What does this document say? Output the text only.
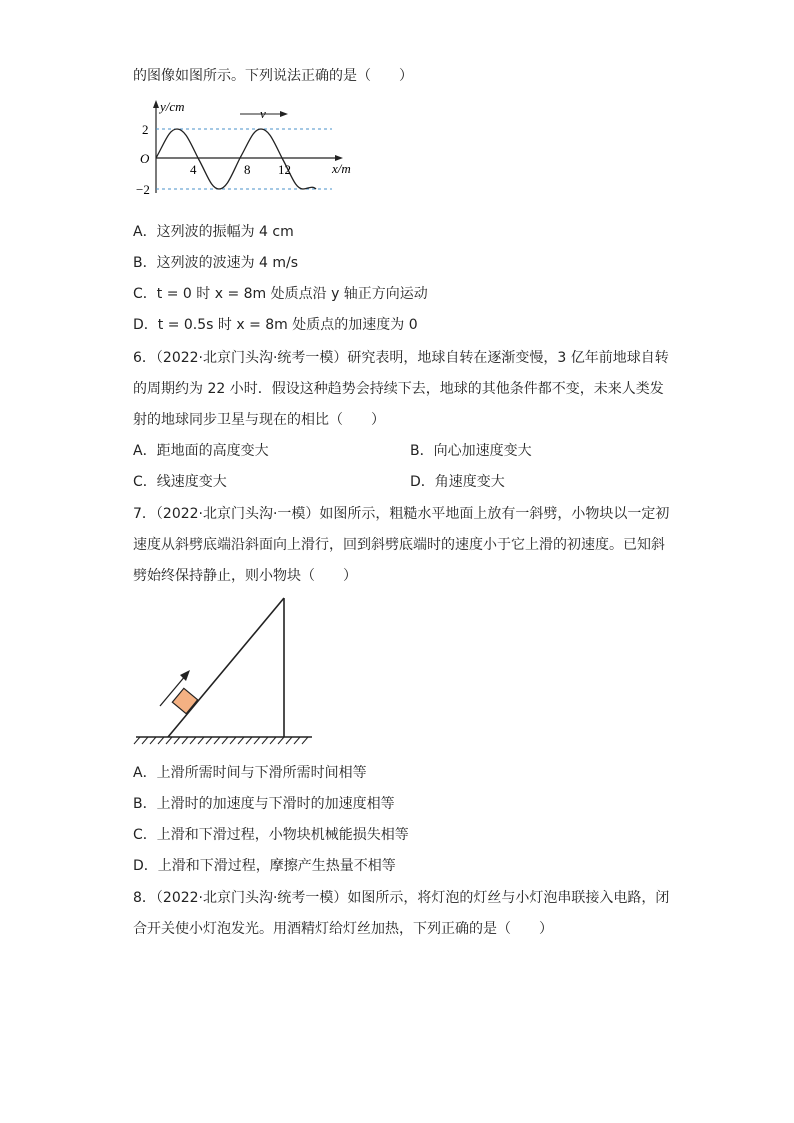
的图像如图所示。下列说法正确的是（　　）
v
y/cm
x/m
O
2
−2
4	8 12
A．这列波的振幅为 4 cm
B．这列波的波速为 4 m/s
C．t = 0 时 x = 8m 处质点沿 y 轴正方向运动
D．t = 0.5s 时 x = 8m 处质点的加速度为 0
6．（2022·北京门头沟·统考一模）研究表明，地球自转在逐渐变慢，3 亿年前地球自转
的周期约为 22 小时．假设这种趋势会持续下去，地球的其他条件都不变，未来人类发
射的地球同步卫星与现在的相比（　　）
A．距地面的高度变大	B．向心加速度变大
C．线速度变大	D．角速度变大
7．（2022·北京门头沟·一模）如图所示，粗糙水平地面上放有一斜劈，小物块以一定初
速度从斜劈底端沿斜面向上滑行，回到斜劈底端时的速度小于它上滑的初速度。已知斜
劈始终保持静止，则小物块（　　）
A．上滑所需时间与下滑所需时间相等
B．上滑时的加速度与下滑时的加速度相等
C．上滑和下滑过程，小物块机械能损失相等
D．上滑和下滑过程，摩擦产生热量不相等
8．（2022·北京门头沟·统考一模）如图所示，将灯泡的灯丝与小灯泡串联接入电路，闭
合开关使小灯泡发光。用酒精灯给灯丝加热，下列正确的是（　　）
